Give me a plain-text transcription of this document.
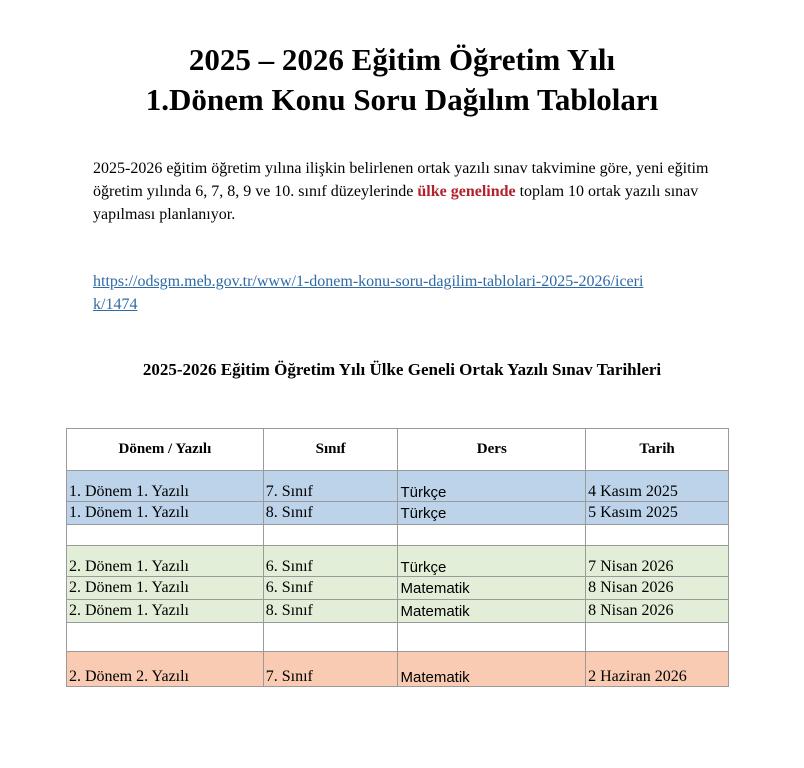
2025 – 2026 Eğitim Öğretim Yılı
1.Dönem Konu Soru Dağılım Tabloları
2025-2026 eğitim öğretim yılına ilişkin belirlenen ortak yazılı sınav takvimine göre, yeni eğitim öğretim yılında 6, 7, 8, 9 ve 10. sınıf düzeylerinde ülke genelinde toplam 10 ortak yazılı sınav yapılması planlanıyor.
https://odsgm.meb.gov.tr/www/1-donem-konu-soru-dagilim-tablolari-2025-2026/icerik/1474
2025-2026 Eğitim Öğretim Yılı Ülke Geneli Ortak Yazılı Sınav Tarihleri
Dönem / Yazılı	Sınıf	Ders	Tarih
1. Dönem 1. Yazılı	7. Sınıf	Türkçe	4 Kasım 2025
1. Dönem 1. Yazılı	8. Sınıf	Türkçe	5 Kasım 2025

2. Dönem 1. Yazılı	6. Sınıf	Türkçe	7 Nisan 2026
2. Dönem 1. Yazılı	6. Sınıf	Matematik	8 Nisan 2026
2. Dönem 1. Yazılı	8. Sınıf	Matematik	8 Nisan 2026

2. Dönem 2. Yazılı	7. Sınıf	Matematik	2 Haziran 2026
